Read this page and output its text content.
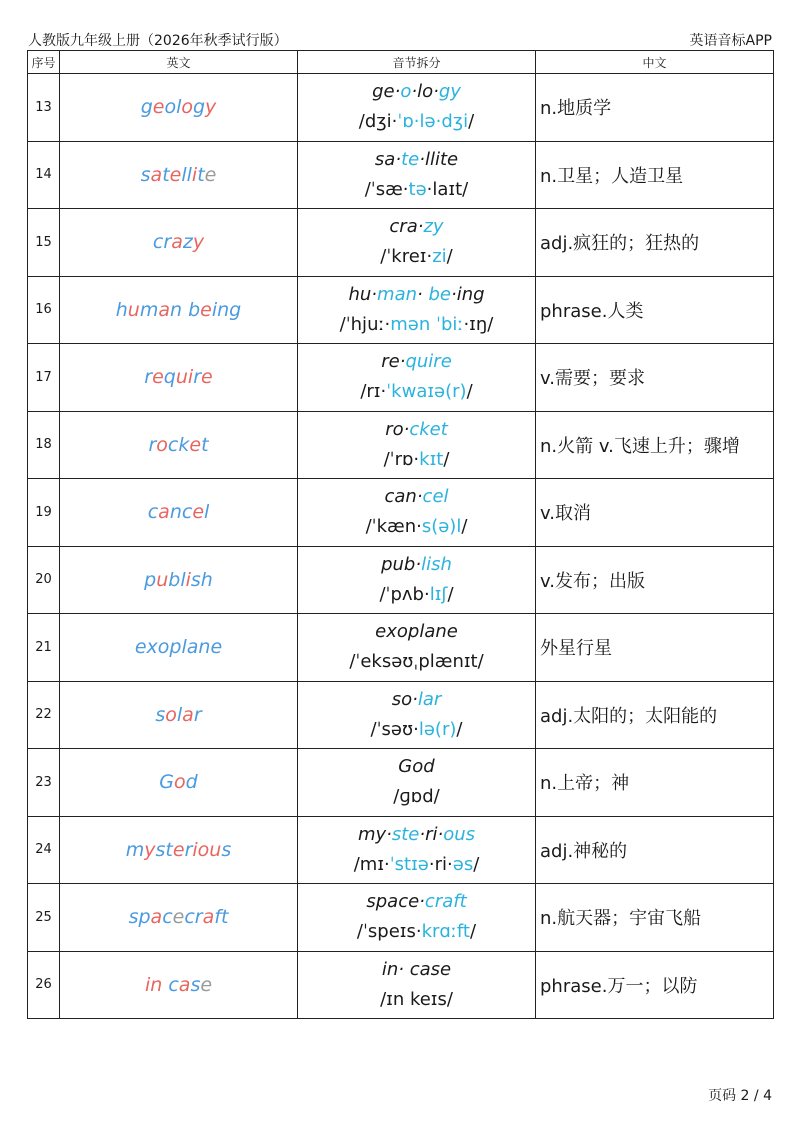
人教版九年级上册（2026年秋季试行版）	英语音标APP
序号	英文	音节拆分	中文
13	geology	ge·o·lo·gy
/dʒi·ˈɒ·lə·dʒi/	n.地质学
14	satellite	sa·te·llite
/ˈsæ·tə·laɪt/	n.卫星；人造卫星
15	crazy	cra·zy
/ˈkreɪ·zi/	adj.疯狂的；狂热的
16	human being	hu·man· be·ing
/ˈhjuː·mən ˈbiː·ɪŋ/	phrase.人类
17	require	re·quire
/rɪ·ˈkwaɪə(r)/	v.需要；要求
18	rocket	ro·cket
/ˈrɒ·kɪt/	n.火箭 v.飞速上升；骤增
19	cancel	can·cel
/ˈkæn·s(ə)l/	v.取消
20	publish	pub·lish
/ˈpʌb·lɪʃ/	v.发布；出版
21	exoplane	exoplane
/ˈeksəʊˌplænɪt/	外星行星
22	solar	so·lar
/ˈsəʊ·lə(r)/	adj.太阳的；太阳能的
23	God	God
/ɡɒd/	n.上帝；神
24	mysterious	my·ste·ri·ous
/mɪ·ˈstɪə·ri·əs/	adj.神秘的
25	spacecraft	space·craft
/ˈspeɪs·krɑːft/	n.航天器；宇宙飞船
26	in case	in· case
/ɪn keɪs/	phrase.万一；以防
页码 2 / 4
